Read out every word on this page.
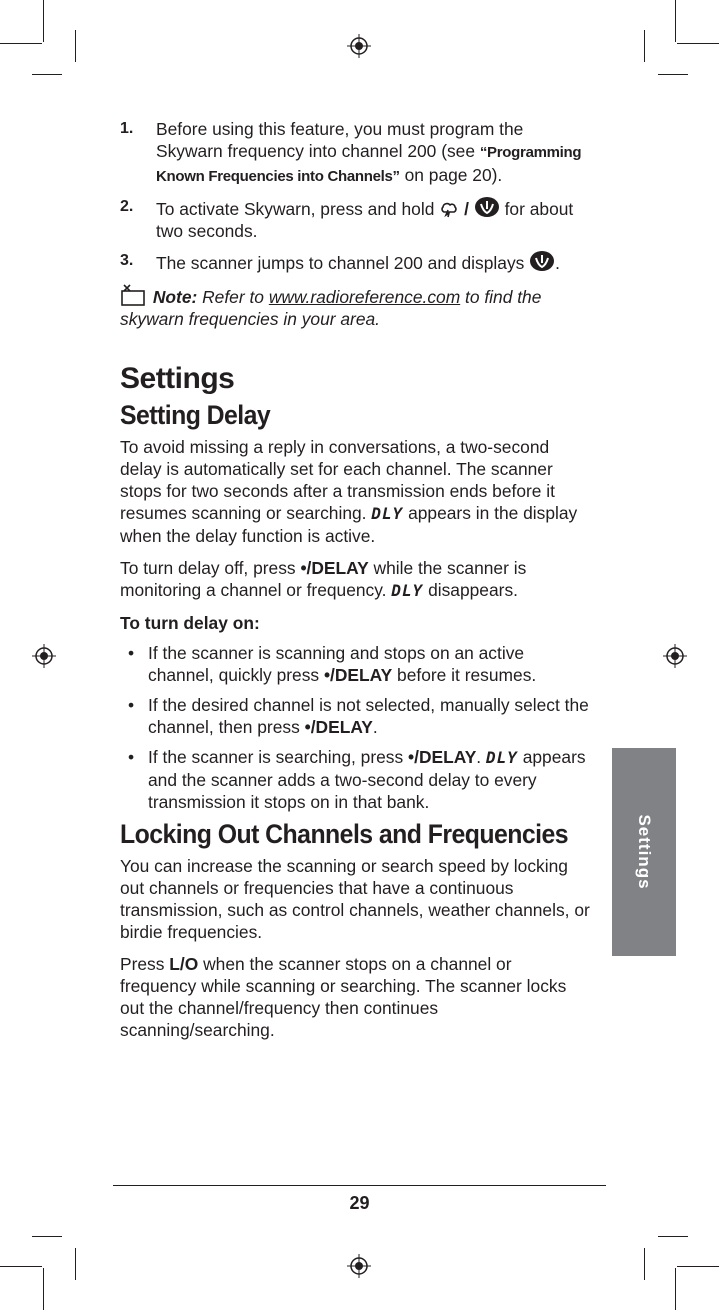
1. Before using this feature, you must program the Skywarn frequency into channel 200 (see “Programming Known Frequencies into Channels” on page 20).
2. To activate Skywarn, press and hold  /  for about two seconds.
3. The scanner jumps to channel 200 and displays .
Note: Refer to www.radioreference.com to find the skywarn frequencies in your area.
Settings
Setting Delay

To avoid missing a reply in conversations, a two-second delay is automatically set for each channel. The scanner stops for two seconds after a transmission ends before it resumes scanning or searching. DLY appears in the display when the delay function is active.

To turn delay off, press •/DELAY while the scanner is monitoring a channel or frequency. DLY disappears.

To turn delay on:

• If the scanner is scanning and stops on an active channel, quickly press •/DELAY before it resumes.
• If the desired channel is not selected, manually select the channel, then press •/DELAY.
• If the scanner is searching, press •/DELAY. DLY appears and the scanner adds a two-second delay to every transmission it stops on in that bank.
Locking Out Channels and Frequencies

You can increase the scanning or search speed by locking out channels or frequencies that have a continuous transmission, such as control channels, weather channels, or birdie frequencies.

Press L/O when the scanner stops on a channel or frequency while scanning or searching. The scanner locks out the channel/frequency then continues scanning/searching.

Settings
29
